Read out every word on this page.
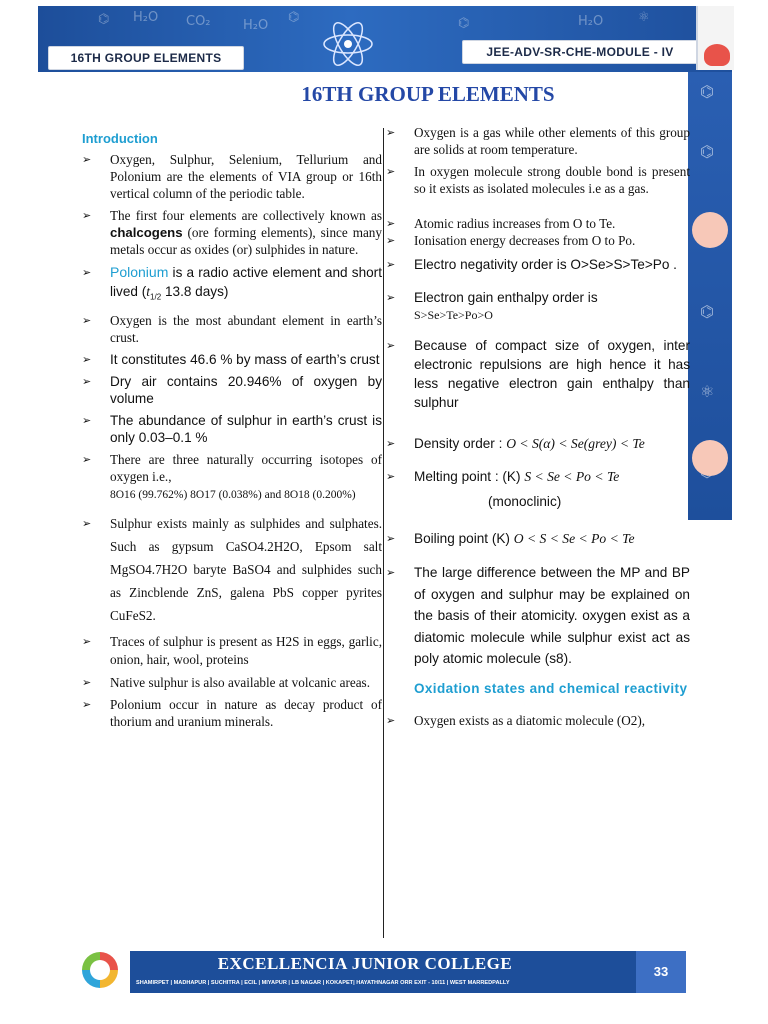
⌬ H₂O CO₂ H₂O
⌬	⌬	H₂O	⚛
16TH GROUP ELEMENTS	JEE-ADV-SR-CHE-MODULE - IV
⌬
⌬
⌬
⚛
16TH GROUP ELEMENTS
Introduction
➢ Oxygen, Sulphur, Selenium, Tellurium and Polonium are the elements of VIA group or 16th vertical column of the periodic table.
➢ The first four elements are collectively known as chalcogens (ore forming elements), since many metals occur as oxides (or) sulphides in nature.
➢ Polonium is a radio active element and short lived ($t_{1/2}$ 13.8 days)
➢ Oxygen is the most abundant element in earth’s crust.
➢ It constitutes 46.6 % by mass of earth’s crust
➢ Dry air contains 20.946% of oxygen by volume
➢ The abundance of sulphur in earth’s crust is only 0.03–0.1 %
➢ There are three naturally occurring isotopes of oxygen i.e.,
8O16 (99.762%) 8O17 (0.038%) and 8O18 (0.200%)
➢ Sulphur exists mainly as sulphides and sulphates. Such as gypsum CaSO4.2H2O, Epsom salt MgSO4.7H2O baryte BaSO4 and sulphides such as Zincblende ZnS, galena PbS copper pyrites CuFeS2.
➢ Traces of sulphur is present as H2S in eggs, garlic, onion, hair, wool, proteins
➢ Native sulphur is also available at volcanic areas.
➢ Polonium occur in nature as decay product of thorium and uranium minerals.
➢ Oxygen is a gas while other elements of this group are solids at room temperature.
➢ In oxygen molecule strong double bond is present so it exists as isolated molecules i.e as a gas.
➢ Atomic radius increases from O to Te.
➢ Ionisation energy decreases from O to Po.
➢ Electro negativity order is O>Se>S>Te>Po .
➢ Electron gain enthalpy order is
S>Se>Te>Po>O
➢ Because of compact size of oxygen, inter electronic repulsions are high hence it has less negative electron gain enthalpy than sulphur
➢ Density order : O < S(α) < Se(grey) < Te
➢ Melting point : (K) S < Se < Po < Te
(monoclinic)
➢ Boiling point (K) O < S < Se < Po < Te
➢ The large difference between the MP and BP of oxygen and sulphur may be explained on the basis of their atomicity. oxygen exist as a diatomic molecule while sulphur exist act as poly atomic molecule (s8).
Oxidation states and chemical reactivity
➢ Oxygen exists as a diatomic molecule (O2),
EXCELLENCIA JUNIOR COLLEGE
SHAMIRPET | MADHAPUR | SUCHITRA | ECIL | MIYAPUR | LB NAGAR | KOKAPET| HAYATHNAGAR ORR EXIT - 10/11 | WEST MARREDPALLY
33
